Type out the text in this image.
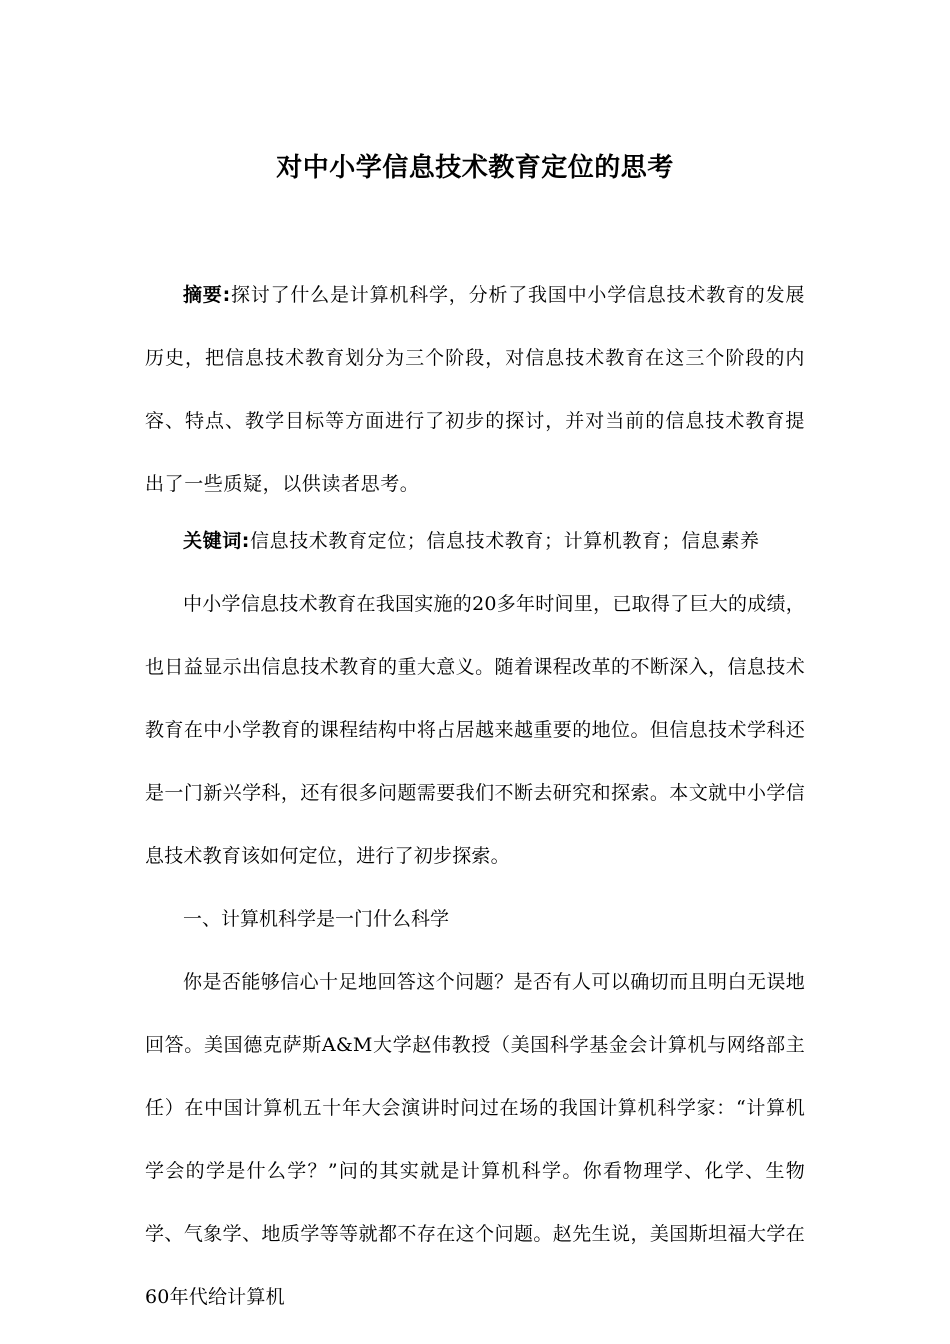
对中小学信息技术教育定位的思考

摘要:探讨了什么是计算机科学，分析了我国中小学信息技术教育的发展历史，把信息技术教育划分为三个阶段，对信息技术教育在这三个阶段的内容、特点、教学目标等方面进行了初步的探讨，并对当前的信息技术教育提出了一些质疑，以供读者思考。

关键词:信息技术教育定位；信息技术教育；计算机教育；信息素养

中小学信息技术教育在我国实施的20多年时间里，已取得了巨大的成绩，也日益显示出信息技术教育的重大意义。随着课程改革的不断深入，信息技术教育在中小学教育的课程结构中将占居越来越重要的地位。但信息技术学科还是一门新兴学科，还有很多问题需要我们不断去研究和探索。本文就中小学信息技术教育该如何定位，进行了初步探索。

一、计算机科学是一门什么科学

你是否能够信心十足地回答这个问题？是否有人可以确切而且明白无误地回答。美国德克萨斯A&M大学赵伟教授（美国科学基金会计算机与网络部主任）在中国计算机五十年大会演讲时问过在场的我国计算机科学家：“计算机学会的学是什么学？”问的其实就是计算机科学。你看物理学、化学、生物学、气象学、地质学等等就都不存在这个问题。赵先生说，美国斯坦福大学在60年代给计算机
